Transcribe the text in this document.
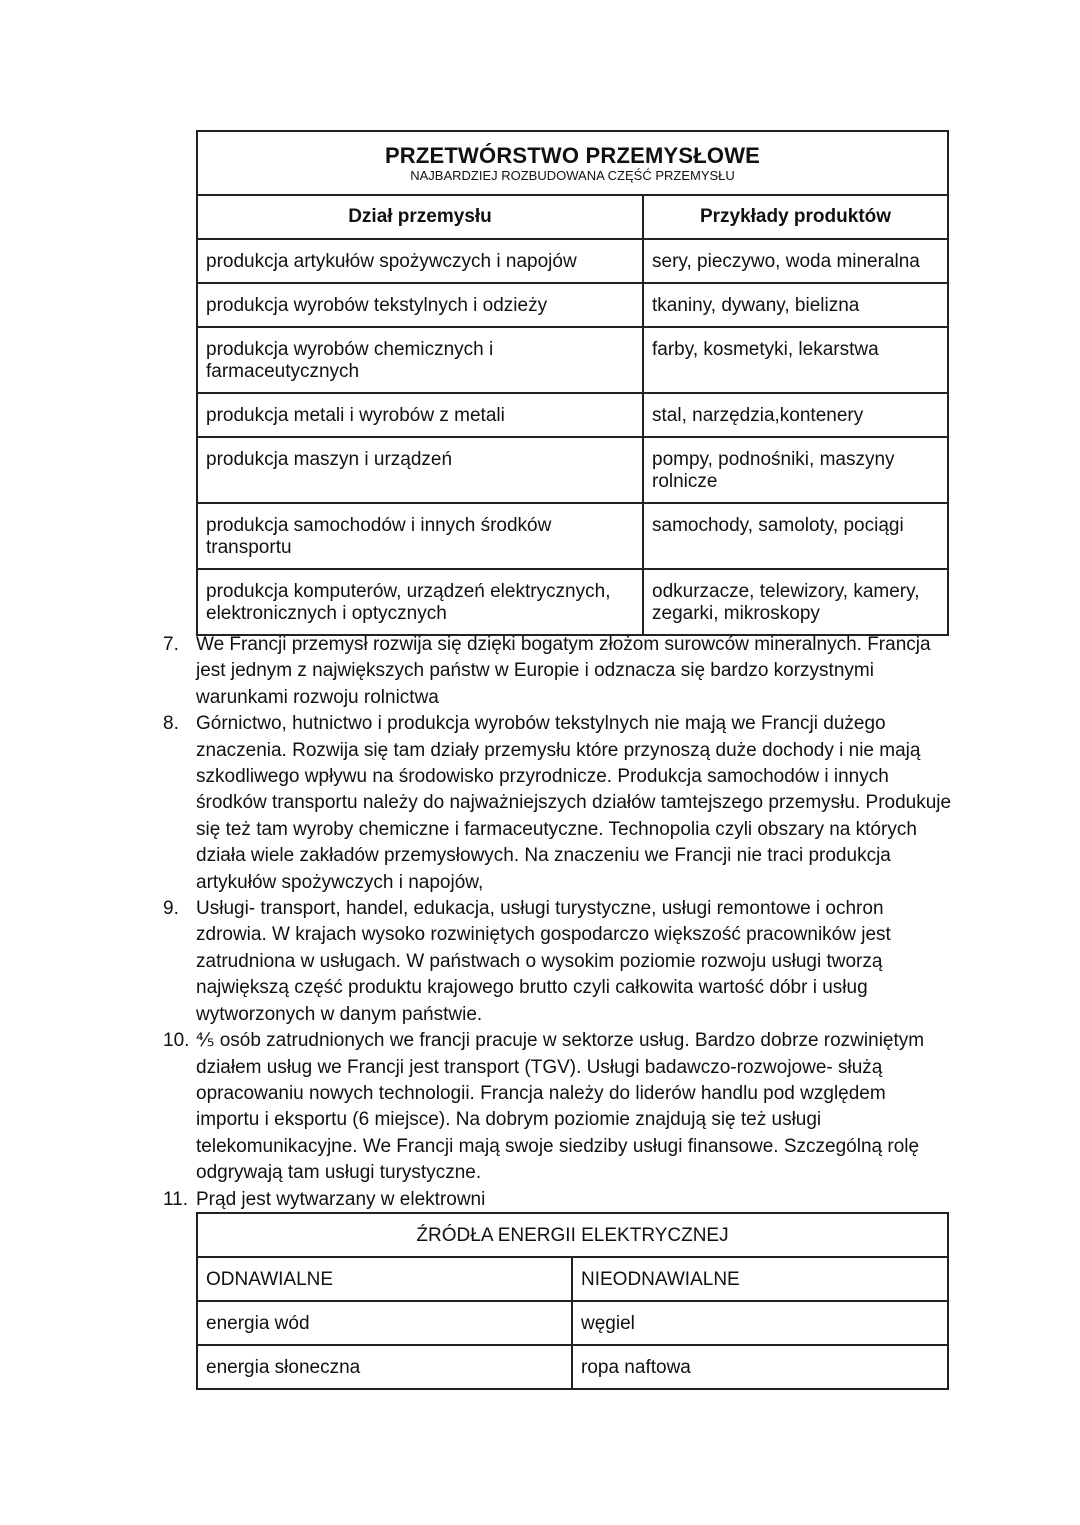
PRZETWÓRSTWO PRZEMYSŁOWE
NAJBARDZIEJ ROZBUDOWANA CZĘŚĆ PRZEMYSŁU	

Dział przemysłu	Przykłady produktów
produkcja artykułów spożywczych i napojów	sery, pieczywo, woda mineralna
produkcja wyrobów tekstylnych i odzieży	tkaniny, dywany, bielizna
produkcja wyrobów chemicznych i farmaceutycznych	farby, kosmetyki, lekarstwa
produkcja metali i wyrobów z metali	stal, narzędzia,kontenery
produkcja maszyn i urządzeń	pompy, podnośniki, maszyny rolnicze
produkcja samochodów i innych środków transportu	samochody, samoloty, pociągi
produkcja komputerów, urządzeń elektrycznych, elektronicznych i optycznych	odkurzacze, telewizory, kamery, zegarki, mikroskopy
7. We Francji przemysł rozwija się dzięki bogatym złożom surowców mineralnych. Francja jest jednym z największych państw w Europie i odznacza się bardzo korzystnymi warunkami rozwoju rolnictwa
8. Górnictwo, hutnictwo i produkcja wyrobów tekstylnych nie mają we Francji dużego znaczenia. Rozwija się tam działy przemysłu które przynoszą duże dochody i nie mają szkodliwego wpływu na środowisko przyrodnicze. Produkcja samochodów i innych środków transportu należy do najważniejszych działów tamtejszego przemysłu. Produkuje się też tam wyroby chemiczne i farmaceutyczne. Technopolia czyli obszary na których działa wiele zakładów przemysłowych. Na znaczeniu we Francji nie traci produkcja artykułów spożywczych i napojów,
9. Usługi- transport, handel, edukacja, usługi turystyczne, usługi remontowe i ochron zdrowia. W krajach wysoko rozwiniętych gospodarczo większość pracowników jest zatrudniona w usługach. W państwach o wysokim poziomie rozwoju usługi tworzą największą część produktu krajowego brutto czyli całkowita wartość dóbr i usług wytworzonych w danym państwie.
10. ⅘ osób zatrudnionych we francji pracuje w sektorze usług. Bardzo dobrze rozwiniętym działem usług we Francji jest transport (TGV). Usługi badawczo-rozwojowe- służą opracowaniu nowych technologii. Francja należy do liderów handlu pod względem importu i eksportu (6 miejsce). Na dobrym poziomie znajdują się też usługi telekomunikacyjne. We Francji mają swoje siedziby usługi finansowe. Szczególną rolę odgrywają tam usługi turystyczne.
11. Prąd jest wytwarzany w elektrowni
ŹRÓDŁA ENERGII ELEKTRYCZNEJ	
ODNAWIALNE	NIEODNAWIALNE
energia wód	węgiel
energia słoneczna	ropa naftowa
